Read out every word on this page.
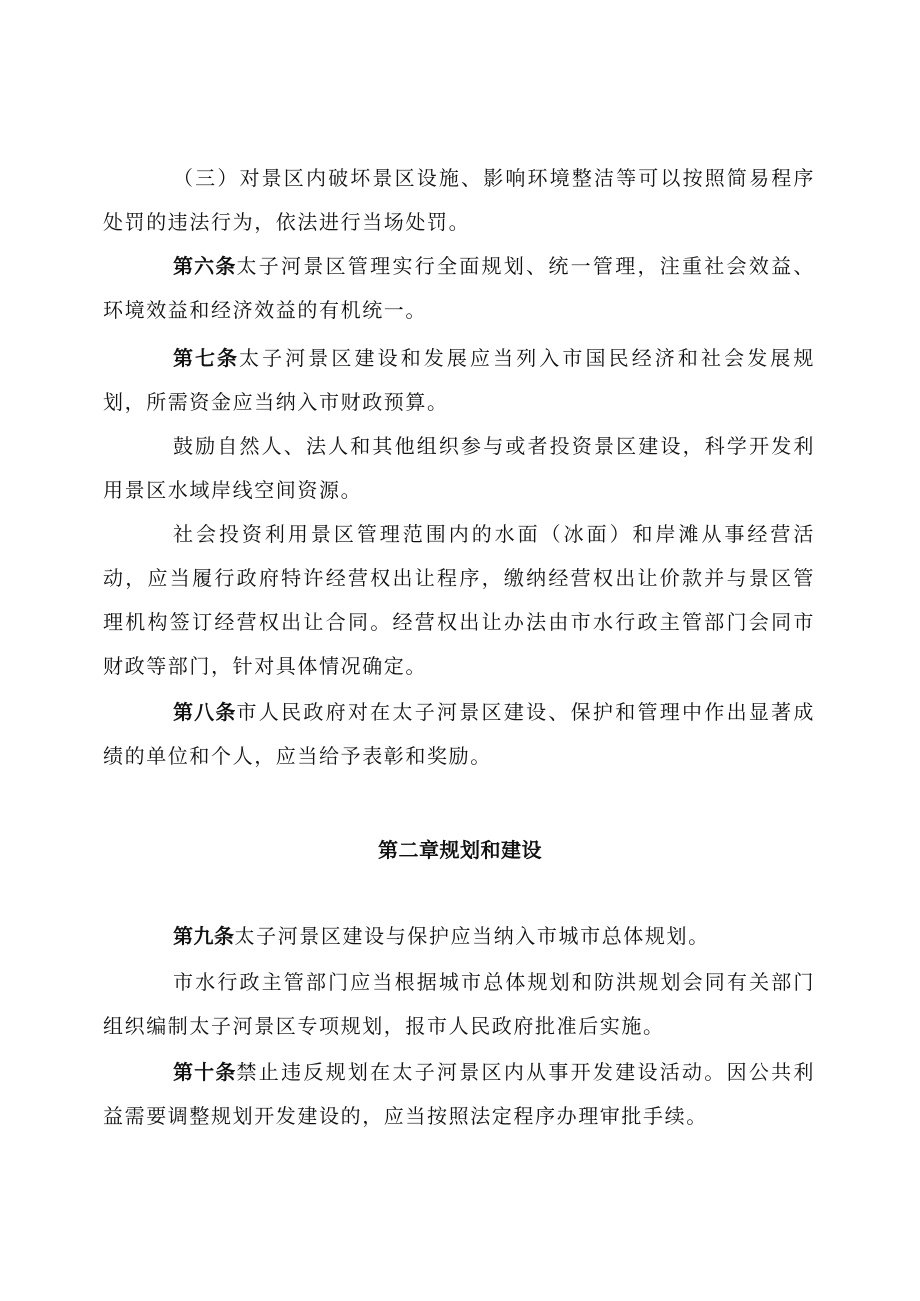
（三）对景区内破坏景区设施、影响环境整洁等可以按照简易程序处罚的违法行为，依法进行当场处罚。

第六条太子河景区管理实行全面规划、统一管理，注重社会效益、环境效益和经济效益的有机统一。

第七条太子河景区建设和发展应当列入市国民经济和社会发展规划，所需资金应当纳入市财政预算。

鼓励自然人、法人和其他组织参与或者投资景区建设，科学开发利用景区水域岸线空间资源。

社会投资利用景区管理范围内的水面（冰面）和岸滩从事经营活动，应当履行政府特许经营权出让程序，缴纳经营权出让价款并与景区管理机构签订经营权出让合同。经营权出让办法由市水行政主管部门会同市财政等部门，针对具体情况确定。

第八条市人民政府对在太子河景区建设、保护和管理中作出显著成绩的单位和个人，应当给予表彰和奖励。

第二章规划和建设

第九条太子河景区建设与保护应当纳入市城市总体规划。

市水行政主管部门应当根据城市总体规划和防洪规划会同有关部门组织编制太子河景区专项规划，报市人民政府批准后实施。

第十条禁止违反规划在太子河景区内从事开发建设活动。因公共利益需要调整规划开发建设的，应当按照法定程序办理审批手续。
